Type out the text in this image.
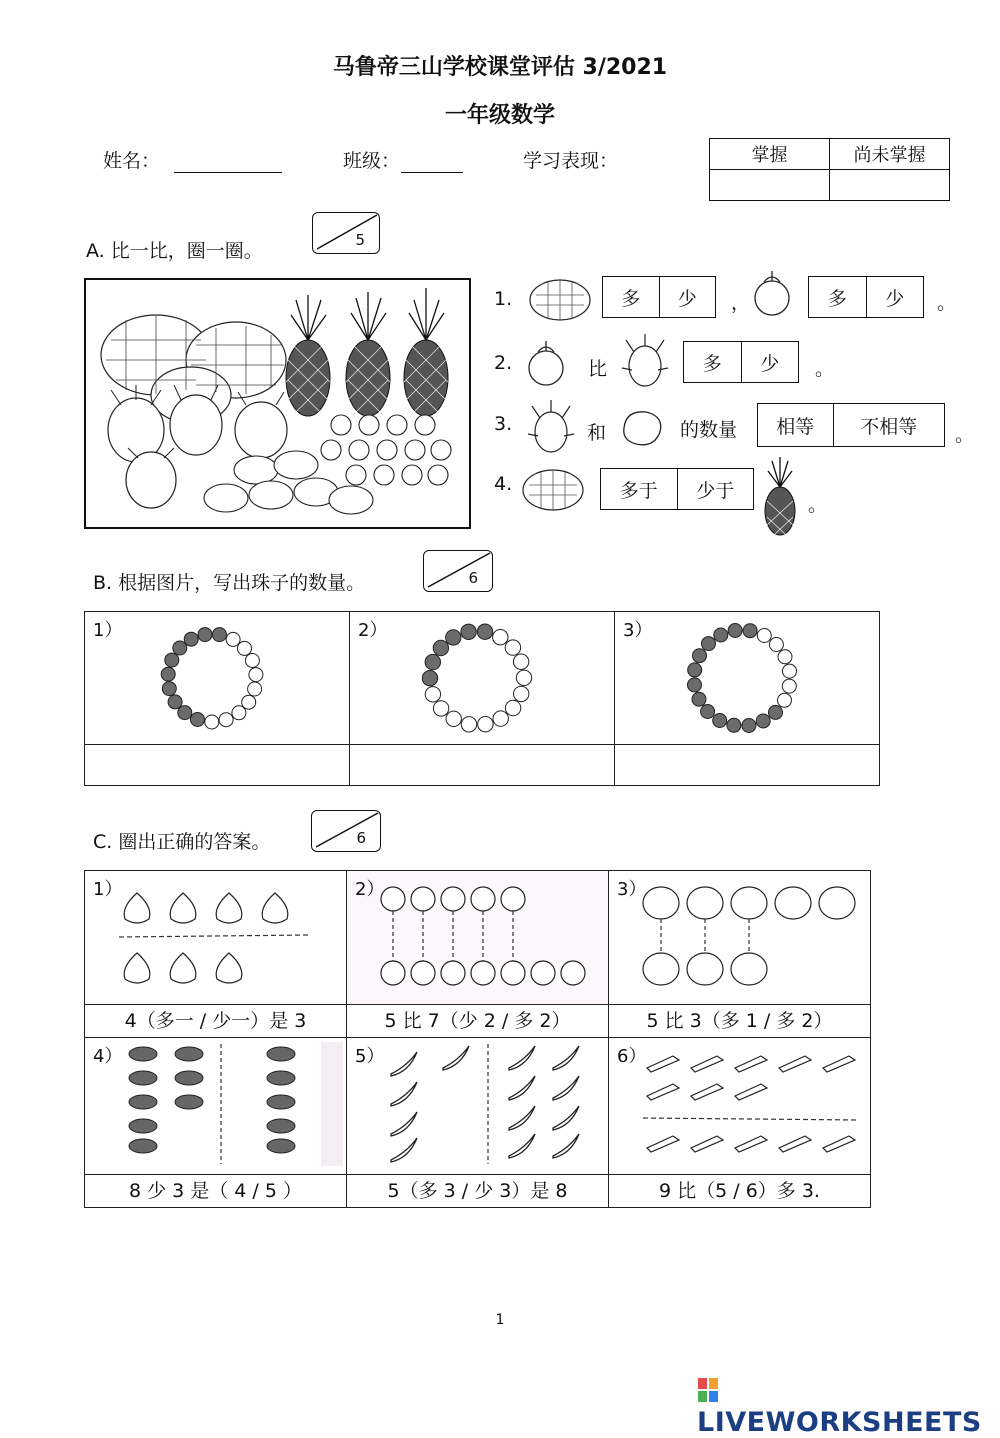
马鲁帝三山学校课堂评估 3/2021
一年级数学
姓名：	班级：	学习表现：	掌握	尚未掌握

A. 比一比，圈一圈。	5
1.	多	少	，	多	少	。
2.	比	多	少	。
3.	和	的数量	相等	不相等	。
4.	多于	少于
。
B. 根据图片，写出珠子的数量。	6
1）	2）	3）

C. 圈出正确的答案。	6
1）	2）	3）

4（多一 / 少一）是 3	5 比 7（少 2 / 多 2）	5 比 3（多 1 / 多 2）

4）	5）	6）

8 少 3 是（ 4 / 5 ）	5（多 3 / 少 3）是 8	9 比（5 / 6）多 3.
1
LIVEWORKSHEETS
